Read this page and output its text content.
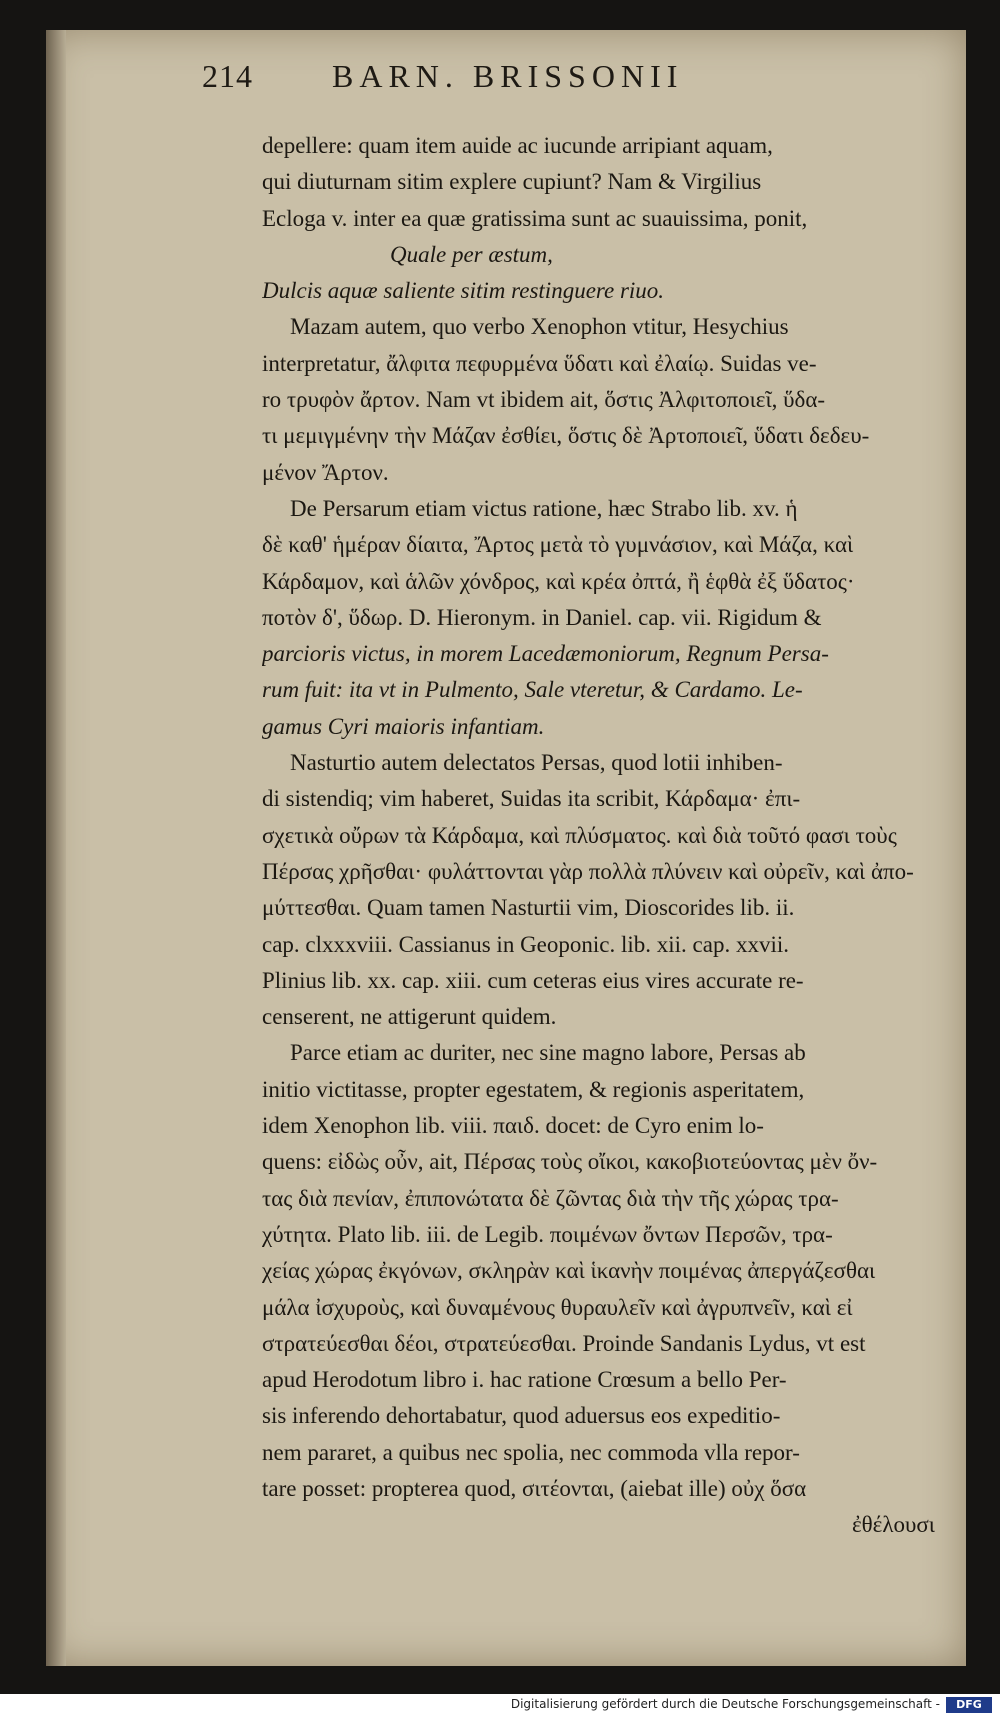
214 BARN. BRISSONII
depellere: quam item auide ac iucunde arripiant aquam,
qui diuturnam sitim explere cupiunt? Nam & Virgilius
Ecloga v. inter ea quæ gratissima sunt ac suauissima, ponit,
Quale per æstum,
Dulcis aquæ saliente sitim restinguere riuo.
Mazam autem, quo verbo Xenophon vtitur, Hesychius
interpretatur, ἄλφιτα πεφυρμένα ὕδατι καὶ ἐλαίῳ. Suidas ve-
ro τρυφὸν ἄρτον. Nam vt ibidem ait, ὅστις Ἀλφιτοποιεῖ, ὕδα-
τι μεμιγμένην τὴν Μάζαν ἐσθίει, ὅστις δὲ Ἀρτοποιεῖ, ὕδατι δεδευ-
μένον Ἄρτον.
De Persarum etiam victus ratione, hæc Strabo lib. xv. ἡ
δὲ καθ' ἡμέραν δίαιτα, Ἄρτος μετὰ τὸ γυμνάσιον, καὶ Μάζα, καὶ
Κάρδαμον, καὶ ἁλῶν χόνδρος, καὶ κρέα ὀπτά, ἢ ἑφθὰ ἐξ ὕδατος·
ποτὸν δ', ὕδωρ. D. Hieronym. in Daniel. cap. vii. Rigidum &
parcioris victus, in morem Lacedæmoniorum, Regnum Persa-
rum fuit: ita vt in Pulmento, Sale vteretur, & Cardamo. Le-
gamus Cyri maioris infantiam.
Nasturtio autem delectatos Persas, quod lotii inhiben-
di sistendiq; vim haberet, Suidas ita scribit, Κάρδαμα· ἐπι-
σχετικὰ οὔρων τὰ Κάρδαμα, καὶ πλύσματος. καὶ διὰ τοῦτό φασι τοὺς
Πέρσας χρῆσθαι· φυλάττονται γὰρ πολλὰ πλύνειν καὶ οὐρεῖν, καὶ ἀπο-
μύττεσθαι. Quam tamen Nasturtii vim, Dioscorides lib. ii.
cap. clxxxviii. Cassianus in Geoponic. lib. xii. cap. xxvii.
Plinius lib. xx. cap. xiii. cum ceteras eius vires accurate re-
censerent, ne attigerunt quidem.
Parce etiam ac duriter, nec sine magno labore, Persas ab
initio victitasse, propter egestatem, & regionis asperitatem,
idem Xenophon lib. viii. παιδ. docet: de Cyro enim lo-
quens: εἰδὼς οὖν, ait, Πέρσας τοὺς οἴκοι, κακοβιοτεύοντας μὲν ὄν-
τας διὰ πενίαν, ἐπιπονώτατα δὲ ζῶντας διὰ τὴν τῆς χώρας τρα-
χύτητα. Plato lib. iii. de Legib. ποιμένων ὄντων Περσῶν, τρα-
χείας χώρας ἐκγόνων, σκληρὰν καὶ ἱκανὴν ποιμένας ἀπεργάζεσθαι
μάλα ἰσχυροὺς, καὶ δυναμένους θυραυλεῖν καὶ ἀγρυπνεῖν, καὶ εἰ
στρατεύεσθαι δέοι, στρατεύεσθαι. Proinde Sandanis Lydus, vt est
apud Herodotum libro i. hac ratione Crœsum a bello Per-
sis inferendo dehortabatur, quod aduersus eos expeditio-
nem pararet, a quibus nec spolia, nec commoda vlla repor-
tare posset: propterea quod, σιτέονται, (aiebat ille) οὐχ ὅσα
ἐθέλουσι
Digitalisierung gefördert durch die Deutsche Forschungsgemeinschaft -	DFG
